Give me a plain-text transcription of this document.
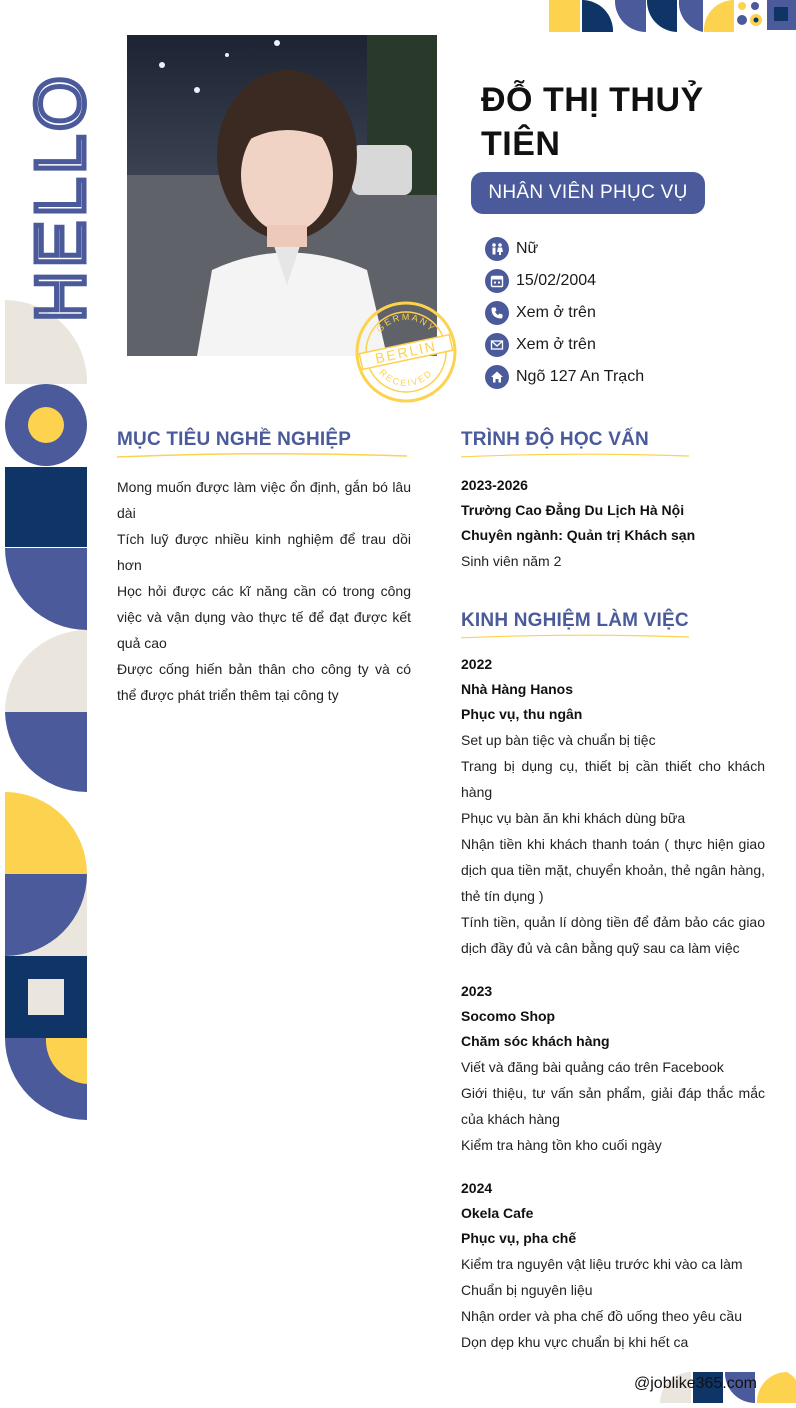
HELLO
GERMANY
BERLIN
RECEIVED
ĐỖ THỊ THUỶ TIÊN
NHÂN VIÊN PHỤC VỤ
Nữ
15/02/2004
Xem ở trên
Xem ở trên
Ngõ 127 An Trạch
MỤC TIÊU NGHỀ NGHIỆP

Mong muốn được làm việc ổn định, gắn bó lâu dài

Tích luỹ được nhiều kinh nghiệm để trau dồi hơn

Học hỏi được các kĩ năng cần có trong công việc và vận dụng vào thực tế để đạt được kết quả cao

Được cống hiến bản thân cho công ty và có thể được phát triển thêm tại công ty

TRÌNH ĐỘ HỌC VẤN
2023-2026
Trường Cao Đẳng Du Lịch Hà Nội
Chuyên ngành: Quản trị Khách sạn

Sinh viên năm 2

KINH NGHIỆM LÀM VIỆC
2022
Nhà Hàng Hanos
Phục vụ, thu ngân

Set up bàn tiệc và chuẩn bị tiệc

Trang bị dụng cụ, thiết bị cần thiết cho khách hàng

Phục vụ bàn ăn khi khách dùng bữa

Nhận tiền khi khách thanh toán ( thực hiện giao dịch qua tiền mặt, chuyển khoản, thẻ ngân hàng, thẻ tín dụng )

Tính tiền, quản lí dòng tiền để đảm bảo các giao dịch đầy đủ và cân bằng quỹ sau ca làm việc

2023
Socomo Shop
Chăm sóc khách hàng

Viết và đăng bài quảng cáo trên Facebook

Giới thiệu, tư vấn sản phẩm, giải đáp thắc mắc của khách hàng

Kiểm tra hàng tồn kho cuối ngày

2024
Okela Cafe
Phục vụ, pha chế

Kiểm tra nguyên vật liệu trước khi vào ca làm

Chuẩn bị nguyên liệu

Nhận order và pha chế đồ uống theo yêu cầu

Dọn dẹp khu vực chuẩn bị khi hết ca

@joblike365.com
